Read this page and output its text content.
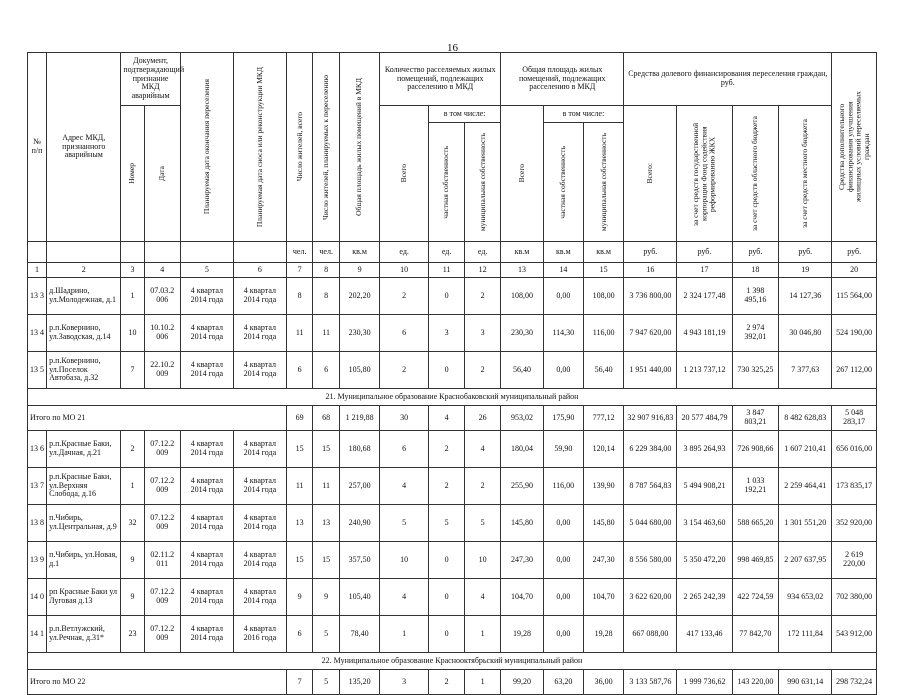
16
№ п/п	Адрес МКД, признанного аварийным	Документ, подтверждающий признание МКД аварийным		Планируемая дата окончания переселения	Планируемая дата сноса или реконструкции МКД	Число жителей, всего	Число жителей, планируемых к переселению	Общая площадь жилых помещений в МКД	Количество расселяемых жилых помещений, подлежащих расселению в МКД			Общая площадь жилых помещений, подлежащих расселению в МКД			Средства долевого финансирования переселения граждан, руб.				Средства дополнительного финансирования улучшения жилищных условий переселяемых граждан

		Номер	Дата						Всего	в том числе:		Всего	в том числе:		Всего:	за счет средств государственной корпорации Фонд содействия реформированию ЖКХ	за счет средств областного бюджета	за счет средств местного бюджета	

										частная собственность	муниципальная собственность		частная собственность	муниципальная собственность					

						чел.	чел.	кв.м	ед.	ед.	ед.	кв.м	кв.м	кв.м	руб.	руб.	руб.	руб.	руб.
1	2	3	4	5	6	7	8	9	10	11	12	13	14	15	16	17	18	19	20
13 3	д.Шадрино, ул.Молодежная, д.1	1	07.03.2 006	4 квартал 2014 года	4 квартал 2014 года	8	8	202,20	2	0	2	108,00	0,00	108,00	3 736 800,00	2 324 177,48	1 398 495,16	14 127,36	115 564,00
13 4	р.п.Ковернино, ул.Заводская, д.14	10	10.10.2 006	4 квартал 2014 года	4 квартал 2014 года	11	11	230,30	6	3	3	230,30	114,30	116,00	7 947 620,00	4 943 181,19	2 974 392,01	30 046,80	524 190,00
13 5	р.п.Ковернино, ул.Поселок Автобаза, д.32	7	22.10.2 009	4 квартал 2014 года	4 квартал 2014 года	6	6	105,80	2	0	2	56,40	0,00	56,40	1 951 440,00	1 213 737,12	730 325,25	7 377,63	267 112,00
21. Муниципальное образование Краснобаковский муниципальный район																			
Итого по МО 21						69	68	1 219,88	30	4	26	953,02	175,90	777,12	32 907 916,83	20 577 484,79	3 847 803,21	8 482 628,83	5 048 283,17
13 6	р.п.Красные Баки, ул.Дачная, д.21	2	07.12.2 009	4 квартал 2014 года	4 квартал 2014 года	15	15	180,68	6	2	4	180,04	59,90	120,14	6 229 384,00	3 895 264,93	726 908,66	1 607 210,41	656 016,00
13 7	р.п.Красные Баки, ул.Верхняя Слобода, д.16	1	07.12.2 009	4 квартал 2014 года	4 квартал 2014 года	11	11	257,00	4	2	2	255,90	116,00	139,90	8 787 564,83	5 494 908,21	1 033 192,21	2 259 464,41	173 835,17
13 8	п.Чибирь, ул.Центральная, д.9	32	07.12.2 009	4 квартал 2014 года	4 квартал 2014 года	13	13	240,90	5	5	5	145,80	0,00	145,80	5 044 680,00	3 154 463,60	588 665,20	1 301 551,20	352 920,00
13 9	п.Чибирь, ул.Новая, д.1	9	02.11.2 011	4 квартал 2014 года	4 квартал 2014 года	15	15	357,50	10	0	10	247,30	0,00	247,30	8 556 580,00	5 350 472,20	998 469,85	2 207 637,95	2 619 220,00
14 0	рп Красные Баки ул Луговая д.13	9	07.12.2 009	4 квартал 2014 года	4 квартал 2014 года	9	9	105,40	4	0	4	104,70	0,00	104,70	3 622 620,00	2 265 242,39	422 724,59	934 653,02	702 380,00
14 1	р.п.Ветлужский, ул.Речная, д.31*	23	07.12.2 009	4 квартал 2014 года	4 квартал 2016 года	6	5	78,40	1	0	1	19,28	0,00	19,28	667 088,00	417 133,46	77 842,70	172 111,84	543 912,00
22. Муниципальное образование Краснооктябрьский муниципальный район																			
Итого по МО 22						7	5	135,20	3	2	1	99,20	63,20	36,00	3 133 587,76	1 999 736,62	143 220,00	990 631,14	298 732,24
